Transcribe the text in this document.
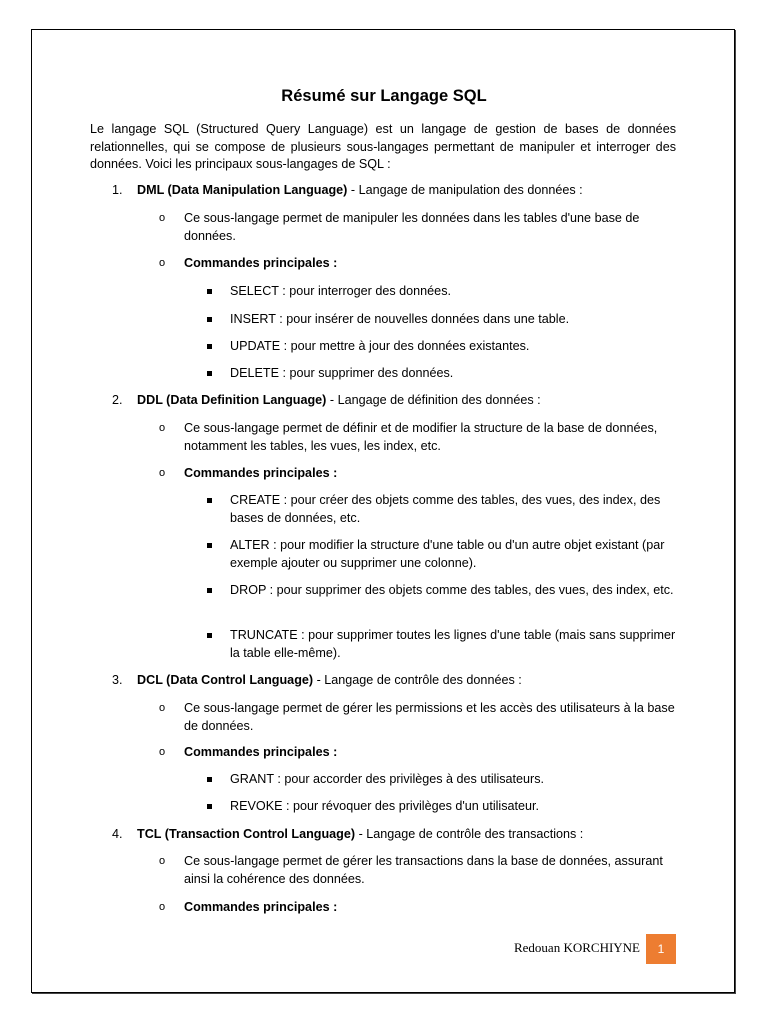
Résumé sur Langage SQL

Le langage SQL (Structured Query Language) est un langage de gestion de bases de données relationnelles, qui se compose de plusieurs sous-langages permettant de manipuler et interroger des données. Voici les principaux sous-langages de SQL :

1. DML (Data Manipulation Language) - Langage de manipulation des données :
o Ce sous-langage permet de manipuler les données dans les tables d'une base de données.
o Commandes principales :
SELECT : pour interroger des données.
INSERT : pour insérer de nouvelles données dans une table.
UPDATE : pour mettre à jour des données existantes.
DELETE : pour supprimer des données.
2. DDL (Data Definition Language) - Langage de définition des données :
o Ce sous-langage permet de définir et de modifier la structure de la base de données, notamment les tables, les vues, les index, etc.
o Commandes principales :
CREATE : pour créer des objets comme des tables, des vues, des index, des bases de données, etc.
ALTER : pour modifier la structure d'une table ou d'un autre objet existant (par exemple ajouter ou supprimer une colonne).
DROP : pour supprimer des objets comme des tables, des vues, des index, etc.
TRUNCATE : pour supprimer toutes les lignes d'une table (mais sans supprimer la table elle-même).
3. DCL (Data Control Language) - Langage de contrôle des données :
o Ce sous-langage permet de gérer les permissions et les accès des utilisateurs à la base de données.
o Commandes principales :
GRANT : pour accorder des privilèges à des utilisateurs.
REVOKE : pour révoquer des privilèges d'un utilisateur.
4. TCL (Transaction Control Language) - Langage de contrôle des transactions :
o Ce sous-langage permet de gérer les transactions dans la base de données, assurant ainsi la cohérence des données.
o Commandes principales :
Redouan KORCHIYNE	1
